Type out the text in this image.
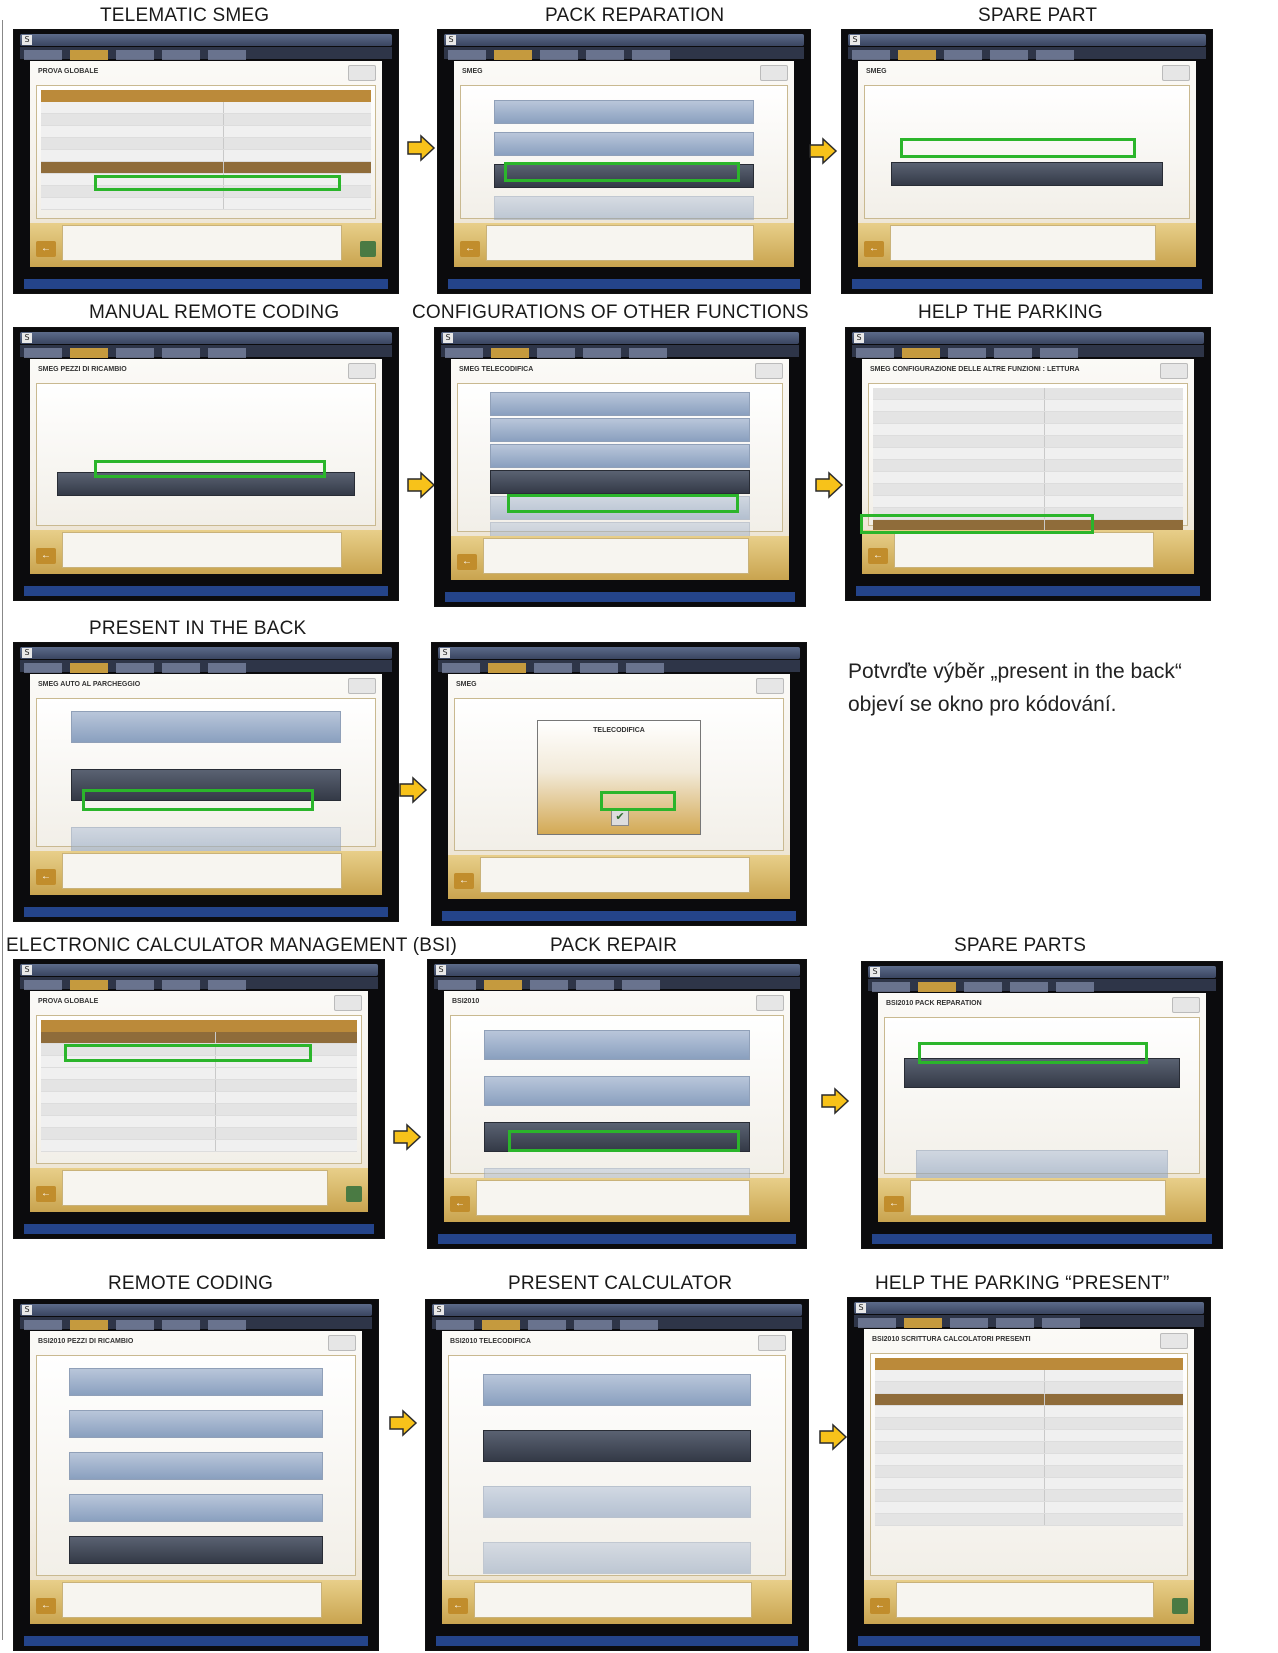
TELEMATIC SMEG	PACK REPARATION	SPARE PART
S
PROVA GLOBALE
←
S
SMEG
←
S
SMEG
←
MANUAL REMOTE CODING	CONFIGURATIONS OF OTHER FUNCTIONS	HELP THE PARKING
S
SMEG PEZZI DI RICAMBIO
←
S
SMEG TELECODIFICA
←
S
SMEG CONFIGURAZIONE DELLE ALTRE FUNZIONI : LETTURA
←
PRESENT IN THE BACK
S
SMEG AUTO AL PARCHEGGIO
←
S
SMEG
TELECODIFICA
✔
←
Potvrďte výběr „present in the back“ objeví se okno pro kódování.
ELECTRONIC CALCULATOR MANAGEMENT (BSI)	PACK REPAIR	SPARE PARTS
S
PROVA GLOBALE
←
S
BSI2010
←
S
BSI2010 PACK REPARATION
←
REMOTE CODING	PRESENT CALCULATOR	HELP THE PARKING “PRESENT”
S
BSI2010 PEZZI DI RICAMBIO
←
S
BSI2010 TELECODIFICA
←
S
BSI2010 SCRITTURA CALCOLATORI PRESENTI
←
